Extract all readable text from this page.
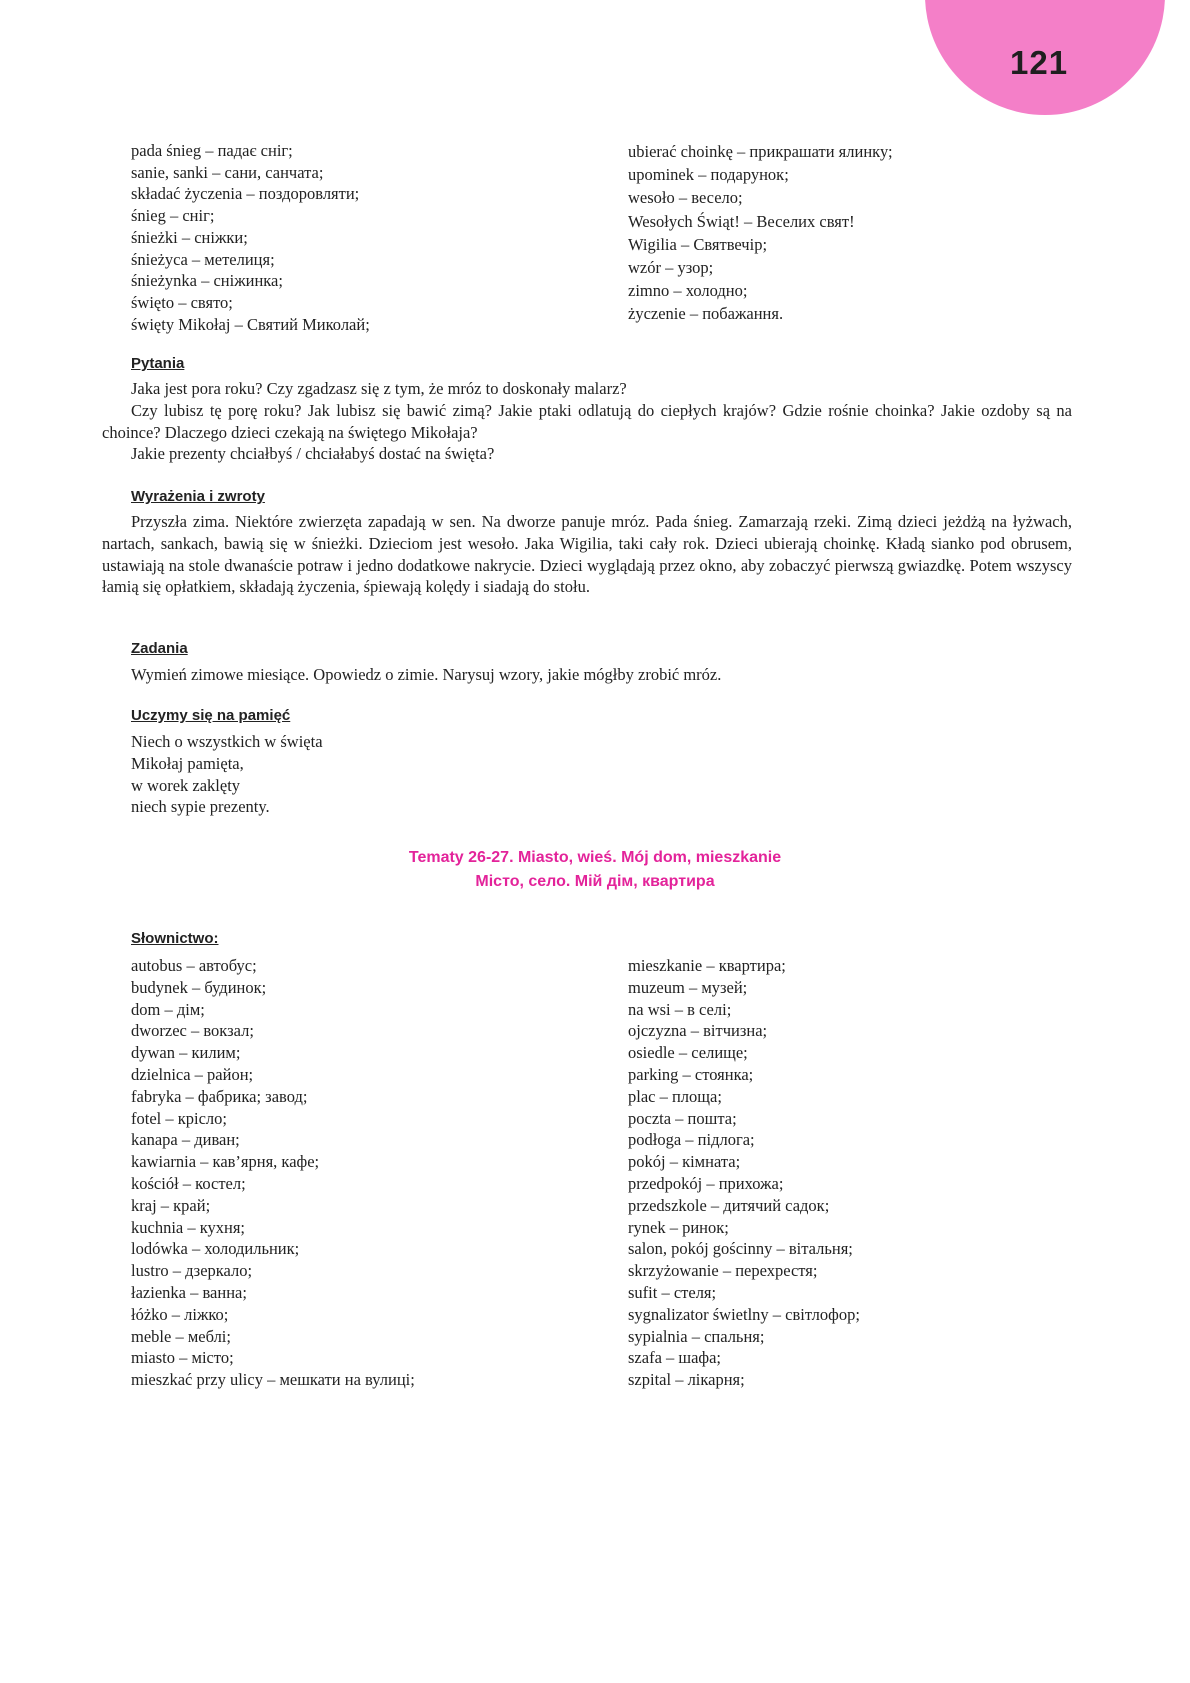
121
pada śnieg – падає сніг;
sanie, sanki – сани, санчата;
składać życzenia – поздоровляти;
śnieg – сніг;
śnieżki – сніжки;
śnieżyca – метелиця;
śnieżynka – сніжинка;
święto – свято;
święty Mikołaj – Святий Миколай;
ubierać choinkę – прикрашати ялинку;
upominek – подарунок;
wesoło – весело;
Wesołych Świąt! – Веселих свят!
Wigilia – Святвечір;
wzór – узор;
zimno – холодно;
życzenie – побажання.
Pytania

Jaka jest pora roku? Czy zgadzasz się z tym, że mróz to doskonały malarz?

Czy lubisz tę porę roku? Jak lubisz się bawić zimą? Jakie ptaki odlatują do ciepłych krajów? Gdzie rośnie choinka? Jakie ozdoby są na choince? Dlaczego dzieci czekają na świętego Mikołaja?

Jakie prezenty chciałbyś / chciałabyś dostać na święta?

Wyrażenia i zwroty

Przyszła zima. Niektóre zwierzęta zapadają w sen. Na dworze panuje mróz. Pada śnieg. Zamarzają rzeki. Zimą dzieci jeżdżą na łyżwach, nartach, sankach, bawią się w śnieżki. Dzieciom jest wesoło. Jaka Wigilia, taki cały rok. Dzieci ubierają choinkę. Kładą sianko pod obrusem, ustawiają na stole dwanaście potraw i jedno dodatkowe nakrycie. Dzieci wyglądają przez okno, aby zobaczyć pierwszą gwiazdkę. Potem wszyscy łamią się opłatkiem, składają życzenia, śpiewają kolędy i siadają do stołu.

Zadania
Wymień zimowe miesiące. Opowiedz o zimie. Narysuj wzory, jakie mógłby zrobić mróz.
Uczymy się na pamięć
Niech o wszystkich w święta
Mikołaj pamięta,
w worek zaklęty
niech sypie prezenty.
Tematy 26-27. Miasto, wieś. Mój dom, mieszkanie
Місто, село. Мій дім, квартира
Słownictwo:
autobus – автобус;
budynek – будинок;
dom – дім;
dworzec – вокзал;
dywan – килим;
dzielnica – район;
fabryka – фабрика; завод;
fotel – крісло;
kanapa – диван;
kawiarnia – кав’ярня, кафе;
kościół – костел;
kraj – край;
kuchnia – кухня;
lodówka – холодильник;
lustro – дзеркало;
łazienka – ванна;
łóżko – ліжко;
meble – меблі;
miasto – місто;
mieszkać przy ulicy – мешкати на вулиці;
mieszkanie – квартира;
muzeum – музей;
na wsi – в селі;
ojczyzna – вітчизна;
osiedle – селище;
parking – стоянка;
plac – площа;
poczta – пошта;
podłoga – підлога;
pokój – кімната;
przedpokój – прихожа;
przedszkole – дитячий садок;
rynek – ринок;
salon, pokój gościnny – вітальня;
skrzyżowanie – перехрестя;
sufit – стеля;
sygnalizator świetlny – світлофор;
sypialnia – спальня;
szafa – шафа;
szpital – лікарня;
